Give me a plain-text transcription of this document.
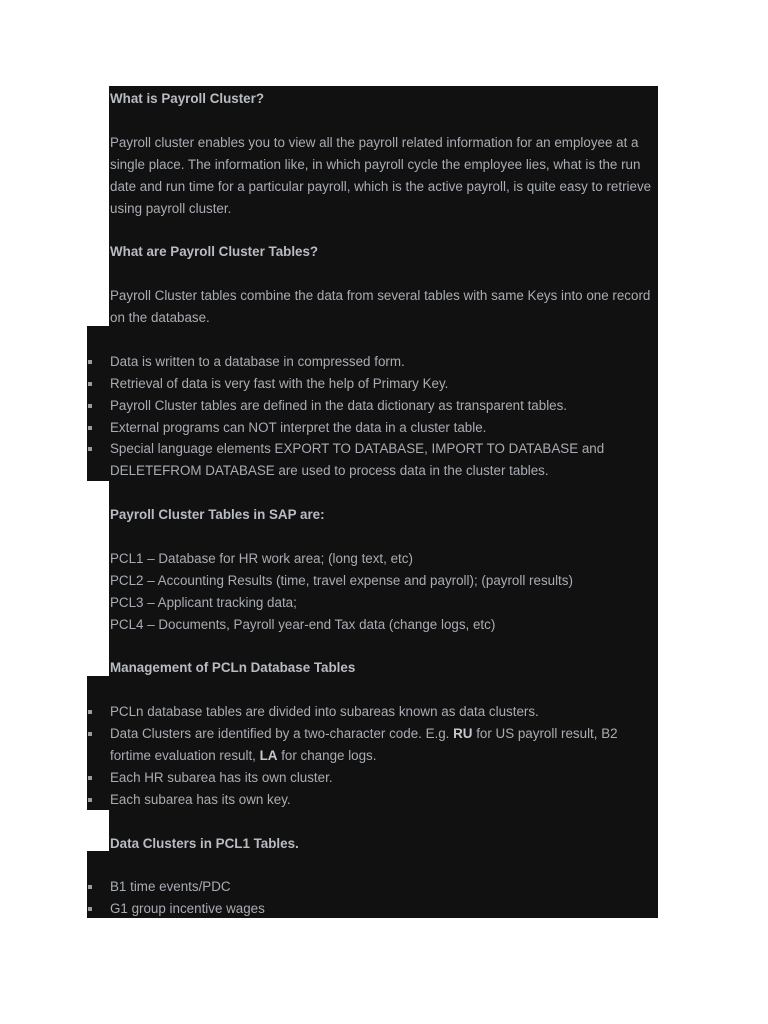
What is Payroll Cluster?

Payroll cluster enables you to view all the payroll related information for an employee at a

single place. The information like, in which payroll cycle the employee lies, what is the run

date and run time for a particular payroll, which is the active payroll, is quite easy to retrieve

using payroll cluster.

What are Payroll Cluster Tables?

Payroll Cluster tables combine the data from several tables with same Keys into one record

on the database.

Data is written to a database in compressed form.

Retrieval of data is very fast with the help of Primary Key.

Payroll Cluster tables are defined in the data dictionary as transparent tables.

External programs can NOT interpret the data in a cluster table.

Special language elements EXPORT TO DATABASE, IMPORT TO DATABASE and

DELETEFROM DATABASE are used to process data in the cluster tables.

Payroll Cluster Tables in SAP are:

PCL1 – Database for HR work area; (long text, etc)

PCL2 – Accounting Results (time, travel expense and payroll); (payroll results)

PCL3 – Applicant tracking data;

PCL4 – Documents, Payroll year-end Tax data (change logs, etc)

Management of PCLn Database Tables

PCLn database tables are divided into subareas known as data clusters.

Data Clusters are identified by a two-character code. E.g. RU for US payroll result, B2

fortime evaluation result, LA for change logs.

Each HR subarea has its own cluster.

Each subarea has its own key.

Data Clusters in PCL1 Tables.

B1 time events/PDC

G1 group incentive wages
